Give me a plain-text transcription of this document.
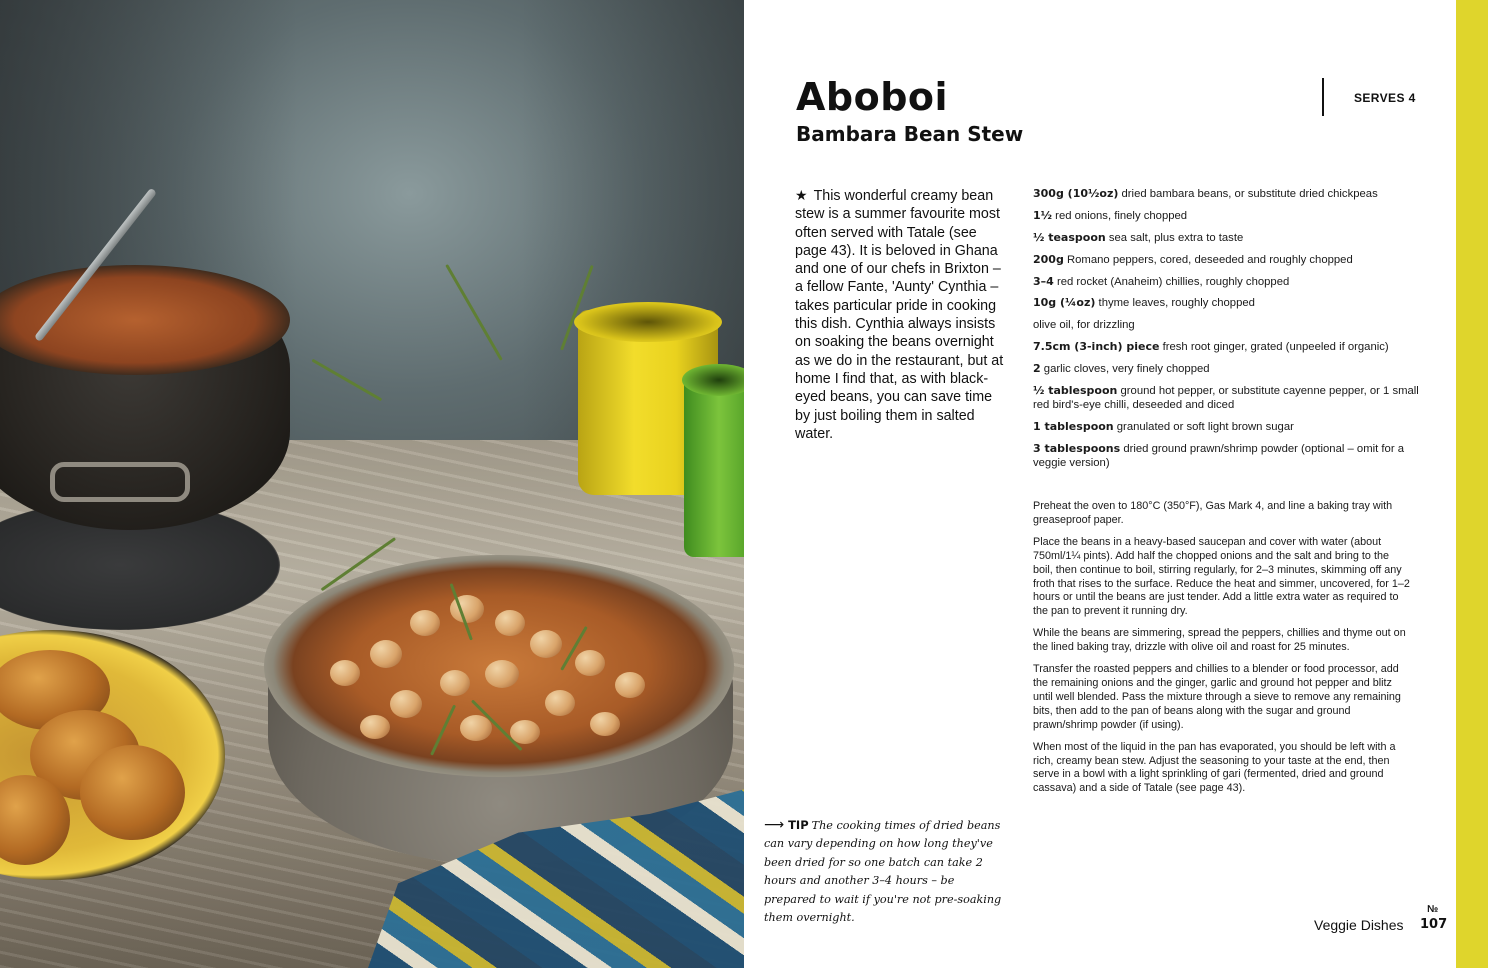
Aboboi
Bambara Bean Stew
SERVES 4
★ This wonderful creamy bean stew is a summer favourite most often served with Tatale (see page 43). It is beloved in Ghana and one of our chefs in Brixton – a fellow Fante, 'Aunty' Cynthia – takes particular pride in cooking this dish. Cynthia always insists on soaking the beans overnight as we do in the restaurant, but at home I find that, as with black-eyed beans, you can save time by just boiling them in salted water.
300g (10½oz) dried bambara beans, or substitute dried chickpeas
1½ red onions, finely chopped
½ teaspoon sea salt, plus extra to taste
200g Romano peppers, cored, deseeded and roughly chopped
3–4 red rocket (Anaheim) chillies, roughly chopped
10g (¼oz) thyme leaves, roughly chopped
olive oil, for drizzling
7.5cm (3-inch) piece fresh root ginger, grated (unpeeled if organic)
2 garlic cloves, very finely chopped
½ tablespoon ground hot pepper, or substitute cayenne pepper, or 1 small red bird's-eye chilli, deseeded and diced
1 tablespoon granulated or soft light brown sugar
3 tablespoons dried ground prawn/shrimp powder (optional – omit for a veggie version)

Preheat the oven to 180°C (350°F), Gas Mark 4, and line a baking tray with greaseproof paper.

Place the beans in a heavy-based saucepan and cover with water (about 750ml/1¼ pints). Add half the chopped onions and the salt and bring to the boil, then continue to boil, stirring regularly, for 2–3 minutes, skimming off any froth that rises to the surface. Reduce the heat and simmer, uncovered, for 1–2 hours or until the beans are just tender. Add a little extra water as required to the pan to prevent it running dry.

While the beans are simmering, spread the peppers, chillies and thyme out on the lined baking tray, drizzle with olive oil and roast for 25 minutes.

Transfer the roasted peppers and chillies to a blender or food processor, add the remaining onions and the ginger, garlic and ground hot pepper and blitz until well blended. Pass the mixture through a sieve to remove any remaining bits, then add to the pan of beans along with the sugar and ground prawn/shrimp powder (if using).

When most of the liquid in the pan has evaporated, you should be left with a rich, creamy bean stew. Adjust the seasoning to your taste at the end, then serve in a bowl with a light sprinkling of gari (fermented, dried and ground cassava) and a side of Tatale (see page 43).

⟶ TIP The cooking times of dried beans can vary depending on how long they've been dried for so one batch can take 2 hours and another 3–4 hours – be prepared to wait if you're not pre-soaking them overnight.	Veggie Dishes
№
107
